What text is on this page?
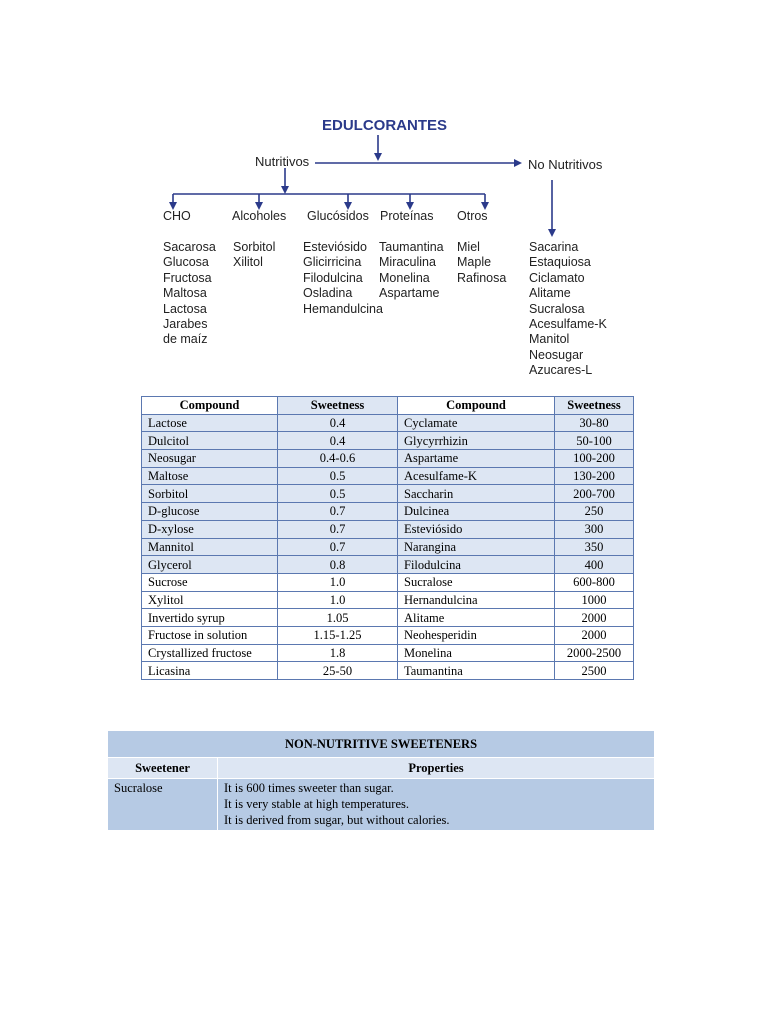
EDULCORANTES
Nutritivos	No Nutritivos
CHO	Alcoholes Glucósidos Proteínas Otros
Sacarosa
Glucosa
Fructosa
Maltosa
Lactosa
Jarabes
de maíz
Sorbitol
Xilitol
Esteviósido
Glicirricina
Filodulcina
Osladina
Hemandulcina
Taumantina
Miraculina
Monelina
Aspartame
Miel
Maple
Rafinosa
Sacarina
Estaquiosa
Ciclamato
Alitame
Sucralosa
Acesulfame-K
Manitol
Neosugar
Azucares-L
Compound	Sweetness	Compound	Sweetness
Lactose	0.4	Cyclamate	30-80
Dulcitol	0.4	Glycyrrhizin	50-100
Neosugar	0.4-0.6	Aspartame	100-200
Maltose	0.5	Acesulfame-K	130-200
Sorbitol	0.5	Saccharin	200-700
D-glucose	0.7	Dulcinea	250
D-xylose	0.7	Esteviósido	300
Mannitol	0.7	Narangina	350
Glycerol	0.8	Filodulcina	400
Sucrose	1.0	Sucralose	600-800
Xylitol	1.0	Hernandulcina	1000
Invertido syrup	1.05	Alitame	2000
Fructose in solution	1.15-1.25	Neohesperidin	2000
Crystallized fructose	1.8	Monelina	2000-2500
Licasina	25-50	Taumantina	2500
NON-NUTRITIVE SWEETENERS	
Sweetener	Properties
Sucralose	It is 600 times sweeter than sugar.
It is very stable at high temperatures.
It is derived from sugar, but without calories.
